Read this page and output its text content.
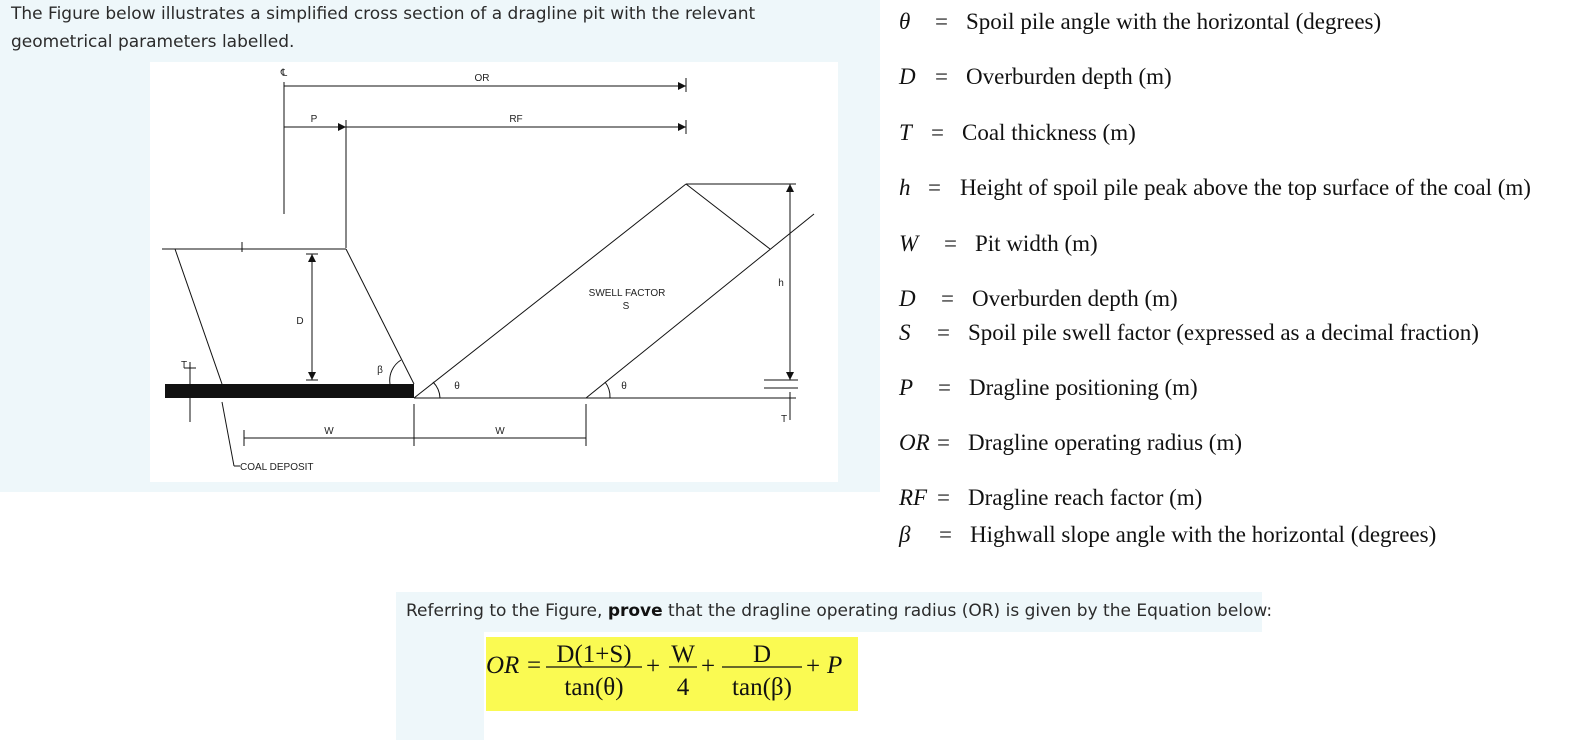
The Figure below illustrates a simplified cross section of a dragline pit with the relevant geometrical parameters labelled.
OR
RF
P
℄
D
W	W
T
T
h
β
θ	θ
SWELL FACTOR
S
COAL DEPOSIT
θ = Spoil pile angle with the horizontal (degrees)
D = Overburden depth (m)
T = Coal thickness (m)
h = Height of spoil pile peak above the top surface of the coal (m)
W = Pit width (m)
D = Overburden depth (m)
S = Spoil pile swell factor (expressed as a decimal fraction)
P = Dragline positioning (m)
OR = Dragline operating radius (m)
RF = Dragline reach factor (m)
β = Highwall slope angle with the horizontal (degrees)
Referring to the Figure, prove that the dragline operating radius (OR) is given by the Equation below:
OR = D(1+S)
tan(θ)
+ W
4
+ D
tan(β)
+ P
